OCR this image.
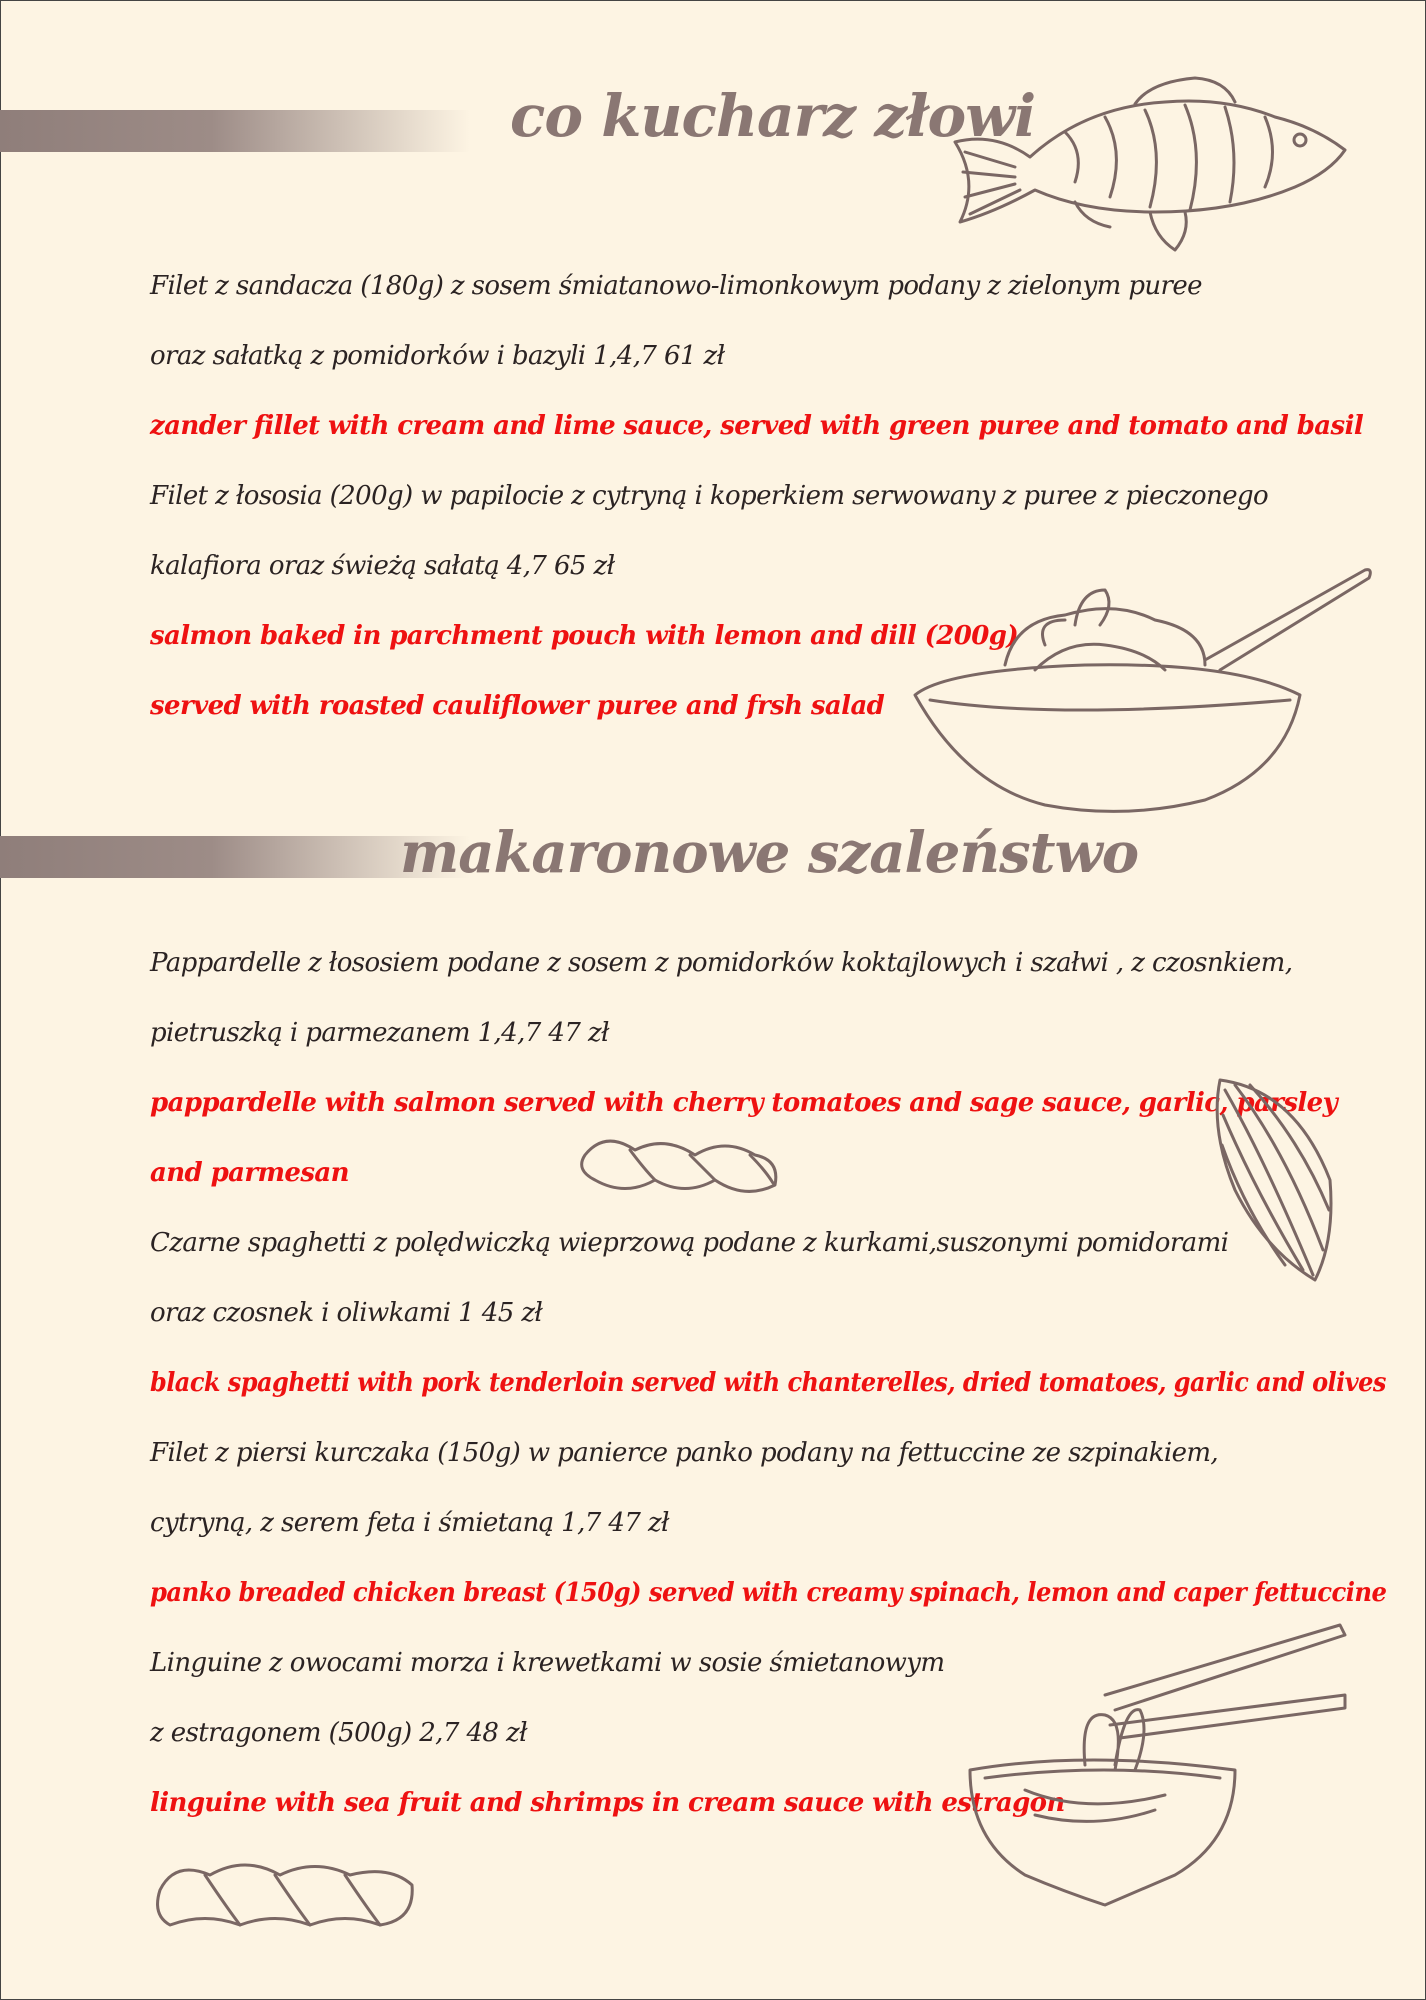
co kucharz złowi
Filet z sandacza (180g) z sosem śmiatanowo-limonkowym podany z zielonym puree
oraz sałatką z pomidorków i bazyli 1,4,7 61 zł
zander fillet with cream and lime sauce, served with green puree and tomato and basil
Filet z łososia (200g) w papilocie z cytryną i koperkiem serwowany z puree z pieczonego
kalafiora oraz świeżą sałatą 4,7 65 zł
salmon baked in parchment pouch with lemon and dill (200g)
served with roasted cauliflower puree and frsh salad
makaronowe szaleństwo
Pappardelle z łososiem podane z sosem z pomidorków koktajlowych i szałwi , z czosnkiem,
pietruszką i parmezanem 1,4,7 47 zł
pappardelle with salmon served with cherry tomatoes and sage sauce, garlic, parsley
and parmesan
Czarne spaghetti z polędwiczką wieprzową podane z kurkami,suszonymi pomidorami
oraz czosnek i oliwkami 1 45 zł
black spaghetti with pork tenderloin served with chanterelles, dried tomatoes, garlic and olives
Filet z piersi kurczaka (150g) w panierce panko podany na fettuccine ze szpinakiem,
cytryną, z serem feta i śmietaną 1,7 47 zł
panko breaded chicken breast (150g) served with creamy spinach, lemon and caper fettuccine
Linguine z owocami morza i krewetkami w sosie śmietanowym
z estragonem (500g) 2,7 48 zł
linguine with sea fruit and shrimps in cream sauce with estragon
